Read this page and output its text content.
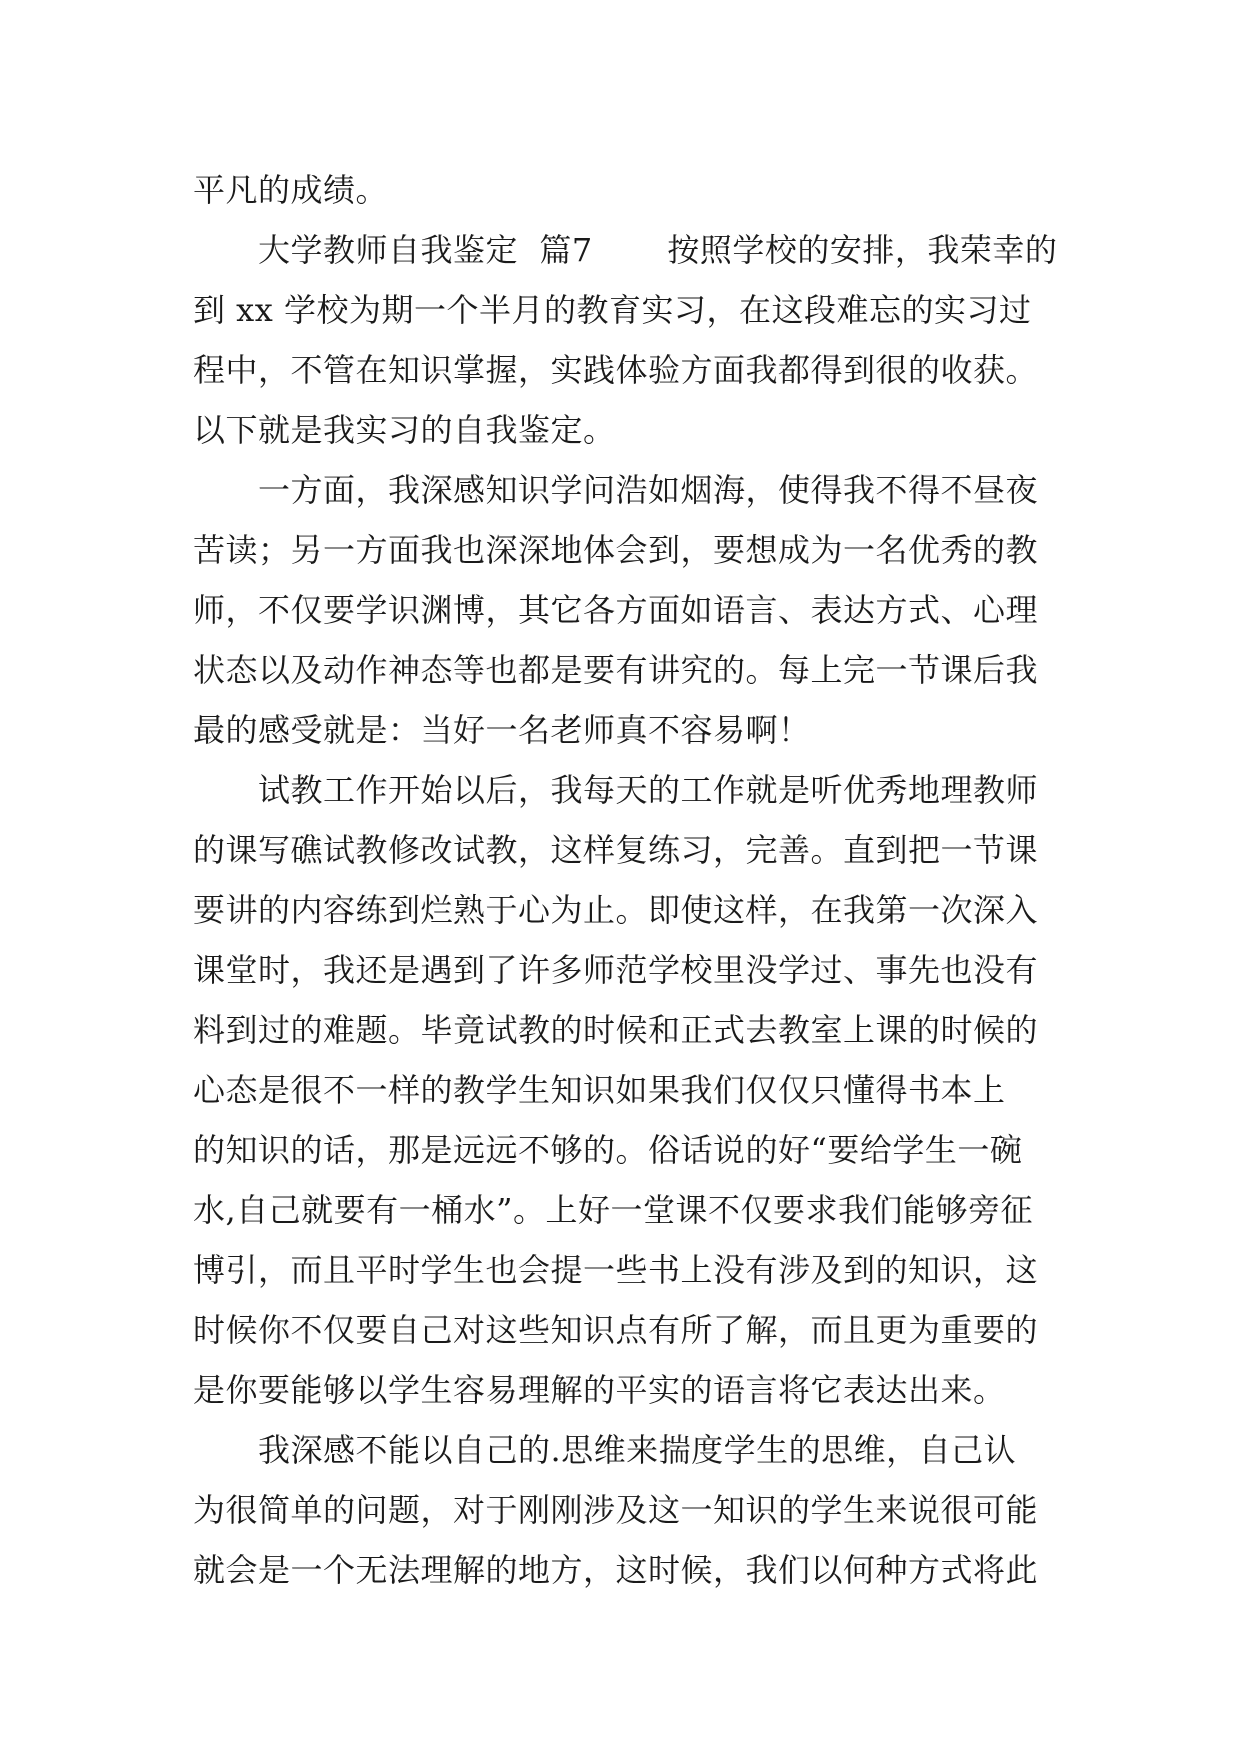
平凡的成绩。
大学教师自我鉴定  篇7       按照学校的安排，我荣幸的
到 xx 学校为期一个半月的教育实习，在这段难忘的实习过
程中，不管在知识掌握，实践体验方面我都得到很的收获。
以下就是我实习的自我鉴定。
一方面，我深感知识学问浩如烟海，使得我不得不昼夜
苦读；另一方面我也深深地体会到，要想成为一名优秀的教
师，不仅要学识渊博，其它各方面如语言、表达方式、心理
状态以及动作神态等也都是要有讲究的。每上完一节课后我
最的感受就是：当好一名老师真不容易啊！
试教工作开始以后，我每天的工作就是听优秀地理教师
的课写礁试教修改试教，这样复练习，完善。直到把一节课
要讲的内容练到烂熟于心为止。即使这样，在我第一次深入
课堂时，我还是遇到了许多师范学校里没学过、事先也没有
料到过的难题。毕竟试教的时候和正式去教室上课的时候的
心态是很不一样的教学生知识如果我们仅仅只懂得书本上
的知识的话，那是远远不够的。俗话说的好“要给学生一碗
水,自己就要有一桶水”。上好一堂课不仅要求我们能够旁征
博引，而且平时学生也会提一些书上没有涉及到的知识，这
时候你不仅要自己对这些知识点有所了解，而且更为重要的
是你要能够以学生容易理解的平实的语言将它表达出来。
我深感不能以自己的.思维来揣度学生的思维，自己认
为很简单的问题，对于刚刚涉及这一知识的学生来说很可能
就会是一个无法理解的地方，这时候，我们以何种方式将此
